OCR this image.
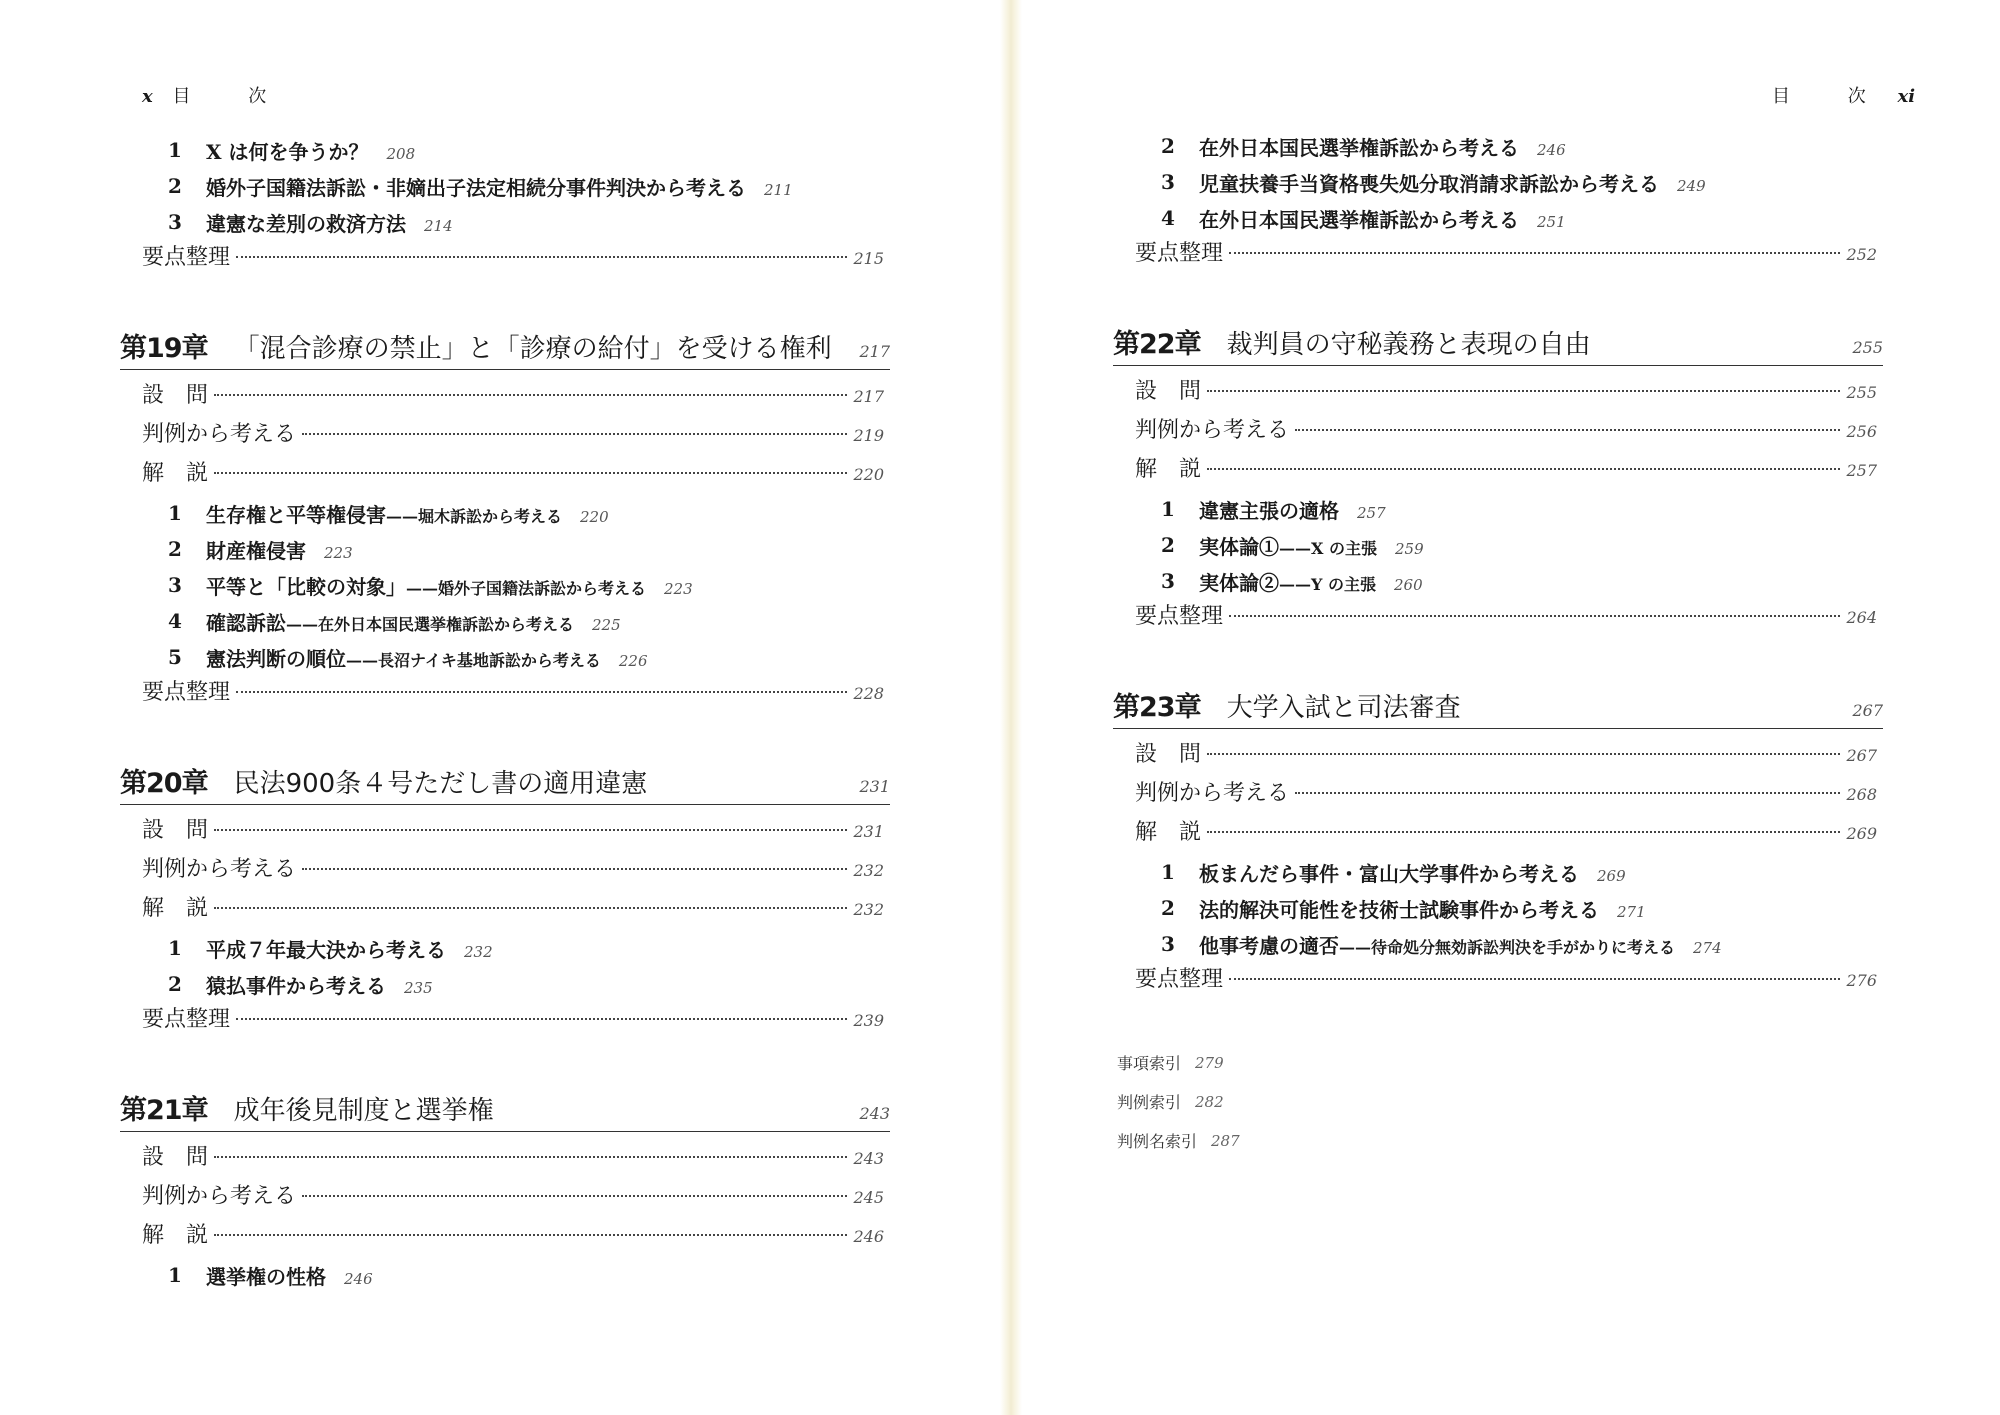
x 目 次
1 X は何を争うか？ 208
2 婚外子国籍法訴訟・非嫡出子法定相続分事件判決から考える 211
3 違憲な差別の救済方法 214
要点整理	215
第19章 「混合診療の禁止」と「診療の給付」を受ける権利 217
設　問	217
判例から考える	219
解　説	220
1 生存権と平等権侵害 ——堀木訴訟から考える 220
2 財産権侵害 223
3 平等と「比較の対象」 ——婚外子国籍法訴訟から考える 223
4 確認訴訟 ——在外日本国民選挙権訴訟から考える 225
5 憲法判断の順位 ——長沼ナイキ基地訴訟から考える 226
要点整理	228
第20章 民法900条４号ただし書の適用違憲	231
設　問	231
判例から考える	232
解　説	232
1 平成７年最大決から考える 232
2 猿払事件から考える 235
要点整理	239
第21章 成年後見制度と選挙権	243
設　問	243
判例から考える	245
解　説	246
1 選挙権の性格 246
目 次 xi
2 在外日本国民選挙権訴訟から考える 246
3 児童扶養手当資格喪失処分取消請求訴訟から考える 249
4 在外日本国民選挙権訴訟から考える 251
要点整理	252
第22章 裁判員の守秘義務と表現の自由	255
設　問	255
判例から考える	256
解　説	257
1 違憲主張の適格 257
2 実体論① ——X の主張 259
3 実体論② ——Y の主張 260
要点整理	264
第23章 大学入試と司法審査	267
設　問	267
判例から考える	268
解　説	269
1 板まんだら事件・富山大学事件から考える 269
2 法的解決可能性を技術士試験事件から考える 271
3 他事考慮の適否 ——待命処分無効訴訟判決を手がかりに考える 274
要点整理	276
事項索引 279
判例索引 282
判例名索引 287
